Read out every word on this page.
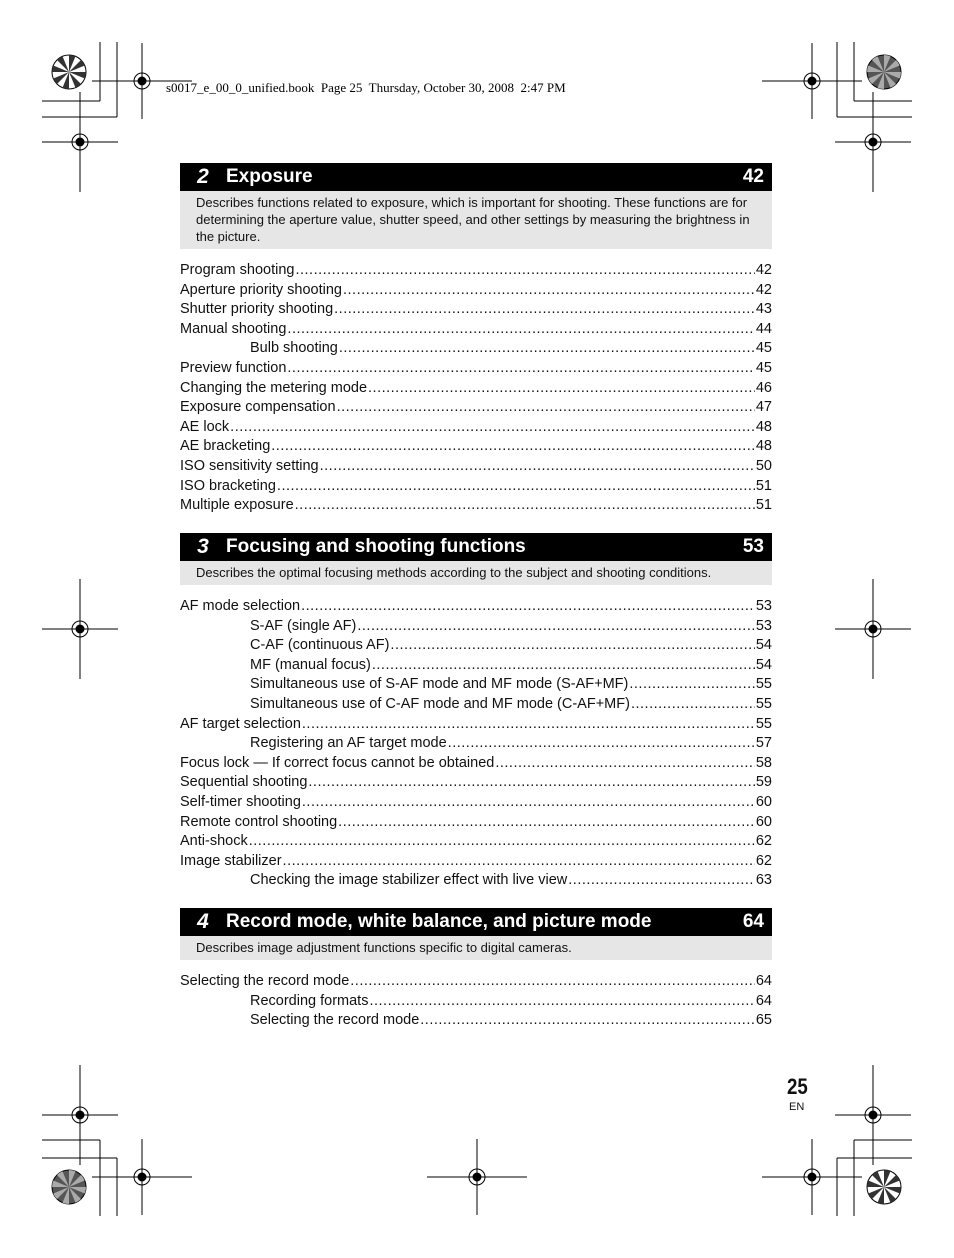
s0017_e_00_0_unified.book  Page 25  Thursday, October 30, 2008  2:47 PM
2 Exposure	42
Describes functions related to exposure, which is important for shooting. These functions are for determining the aperture value, shutter speed, and other settings by measuring the brightness in the picture.
Program shooting .....	42
Aperture priority shooting .....	42
Shutter priority shooting .....	43
Manual shooting .....	44
Bulb shooting .....	45
Preview function .....	45
Changing the metering mode .....	46
Exposure compensation .....	47
AE lock .....	48
AE bracketing .....	48
ISO sensitivity setting .....	50
ISO bracketing .....	51
Multiple exposure .....	51
3 Focusing and shooting functions	53
Describes the optimal focusing methods according to the subject and shooting conditions.
AF mode selection .....	53
S-AF (single AF) .....	53
C-AF (continuous AF) .....	54
MF (manual focus) .....	54
Simultaneous use of S-AF mode and MF mode (S-AF+MF) .....	55
Simultaneous use of C-AF mode and MF mode (C-AF+MF) .....	55
AF target selection .....	55
Registering an AF target mode .....	57
Focus lock — If correct focus cannot be obtained .....	58
Sequential shooting .....	59
Self-timer shooting .....	60
Remote control shooting .....	60
Anti-shock .....	62
Image stabilizer .....	62
Checking the image stabilizer effect with live view .....	63
4 Record mode, white balance, and picture mode	64
Describes image adjustment functions specific to digital cameras.
Selecting the record mode .....	64
Recording formats .....	64
Selecting the record mode .....	65
25
EN
